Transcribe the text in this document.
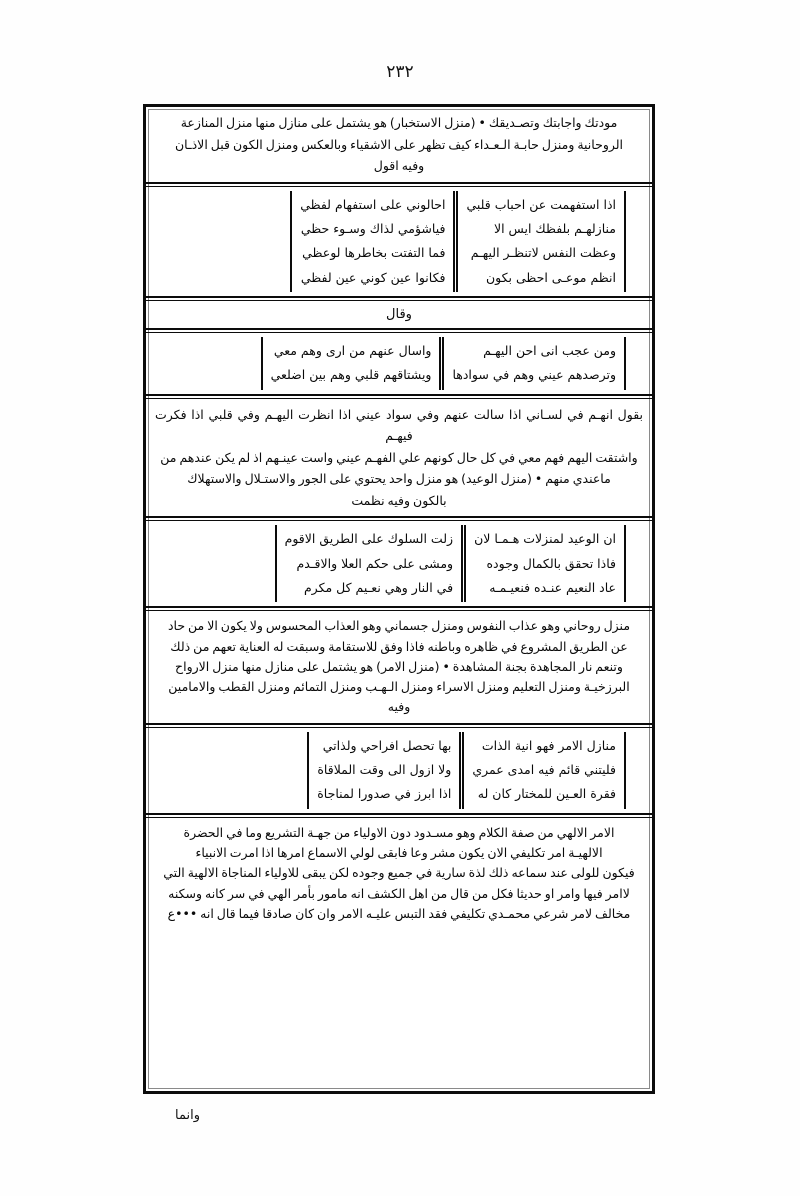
٢٣٢

مودتك واجابتك وتصـديقك ‏•‏ (منزل الاستخبار) هو يشتمل على منازل منها منزل المنازعة

الروحانية ومنزل حابـة الـعـداء كيف تظهر على الاشقياء وبالعكس ومنزل الكون قبل الاذـان

وفيه اقول
اذا استفهمت عن احباب قلبي
منازلهـم بلفظك ايس الا
وعظت النفس لاتنظـر اليهـم
انظم موعـى احظى بكون
احالوني على استفهام لفظي
فياشؤمي لذاك وسـوء حظي
فما التفتت بخاطرها لوعظي
فكانوا عين كوني عين لفظي
وقال
ومن عجب انى احن اليهـم
وترصدهم عيني وهم في سوادها
واسال عنهم من ارى وهم معي
ويشتاقهم قلبي وهم بين اضلعي

بقول انهـم في لسـاني اذا سالت عنهم وفي سواد عيني اذا انظرت اليهـم وفي قلبي اذا فكرت فيهـم

واشتقت اليهم فهم معي في كل حال كونهم علي الفهـم عيني واست عينـهم اذ لم يكن عندهم من

ماعندي منهم ‏•‏ (منزل الوعيد) هو منزل واحد يحتوي على الجور والاستـلال والاستهلاك

بالكون وفيه نظمت
ان الوعيد لمنزلات هـمـا لان
فاذا تحقق بالكمال وجوده
عاد النعيم عنـده فنعيـمـه
زلت السلوك على الطريق الاقوم
ومشى على حكم العلا والاقـدم
في النار وهي نعـيم كل مكرم

منزل روحاني وهو عذاب النفوس ومنزل جسماني وهو العذاب المحسوس ولا يكون الا من حاد

عن الطريق المشروع في ظاهره وباطنه فاذا وفق للاستقامة وسبقت له العناية تعهم من ذلك

وتنعم نار المجاهدة بجنة المشاهدة ‏•‏ (منزل الامر) هو يشتمل على منازل منها منزل الارواح

البرزخيـة ومنزل التعليم ومنزل الاسراء ومنزل الـهـب ومنزل التمائم ومنزل القطب والامامين

وفيه
منازل الامر فهو انية الذات
فليتني قائم فيه امدى عمري
فقرة العـين للمختار كان له
بها تحصل افراحي ولذاتي
ولا ازول الى وقت الملاقاة
اذا ابرز في صدورا لمناجاة

الامر الالهي من صفة الكلام وهو مسـدود دون الاولياء من جهـة التشريع وما في الحضرة

الالهيـة امر تكليفي الان يكون مشر وعا فابقى لولي الاسماع امرها اذا امرت الانبياء

فيكون للولى عند سماعه ذلك لذة سارية في جميع وجوده لكن يبقى للاولياء المناجاة الالهية التي

لاامر فيها وامر او حديثا فكل من قال من اهل الكشف انه مامور بأمر الهي في سر كانه وسكنه

مخالف لامر شرعي محمـدي تكليفي فقد التبس عليـه الامر وان كان صادقا فيما قال انه ‏•••‏ع

وانما
